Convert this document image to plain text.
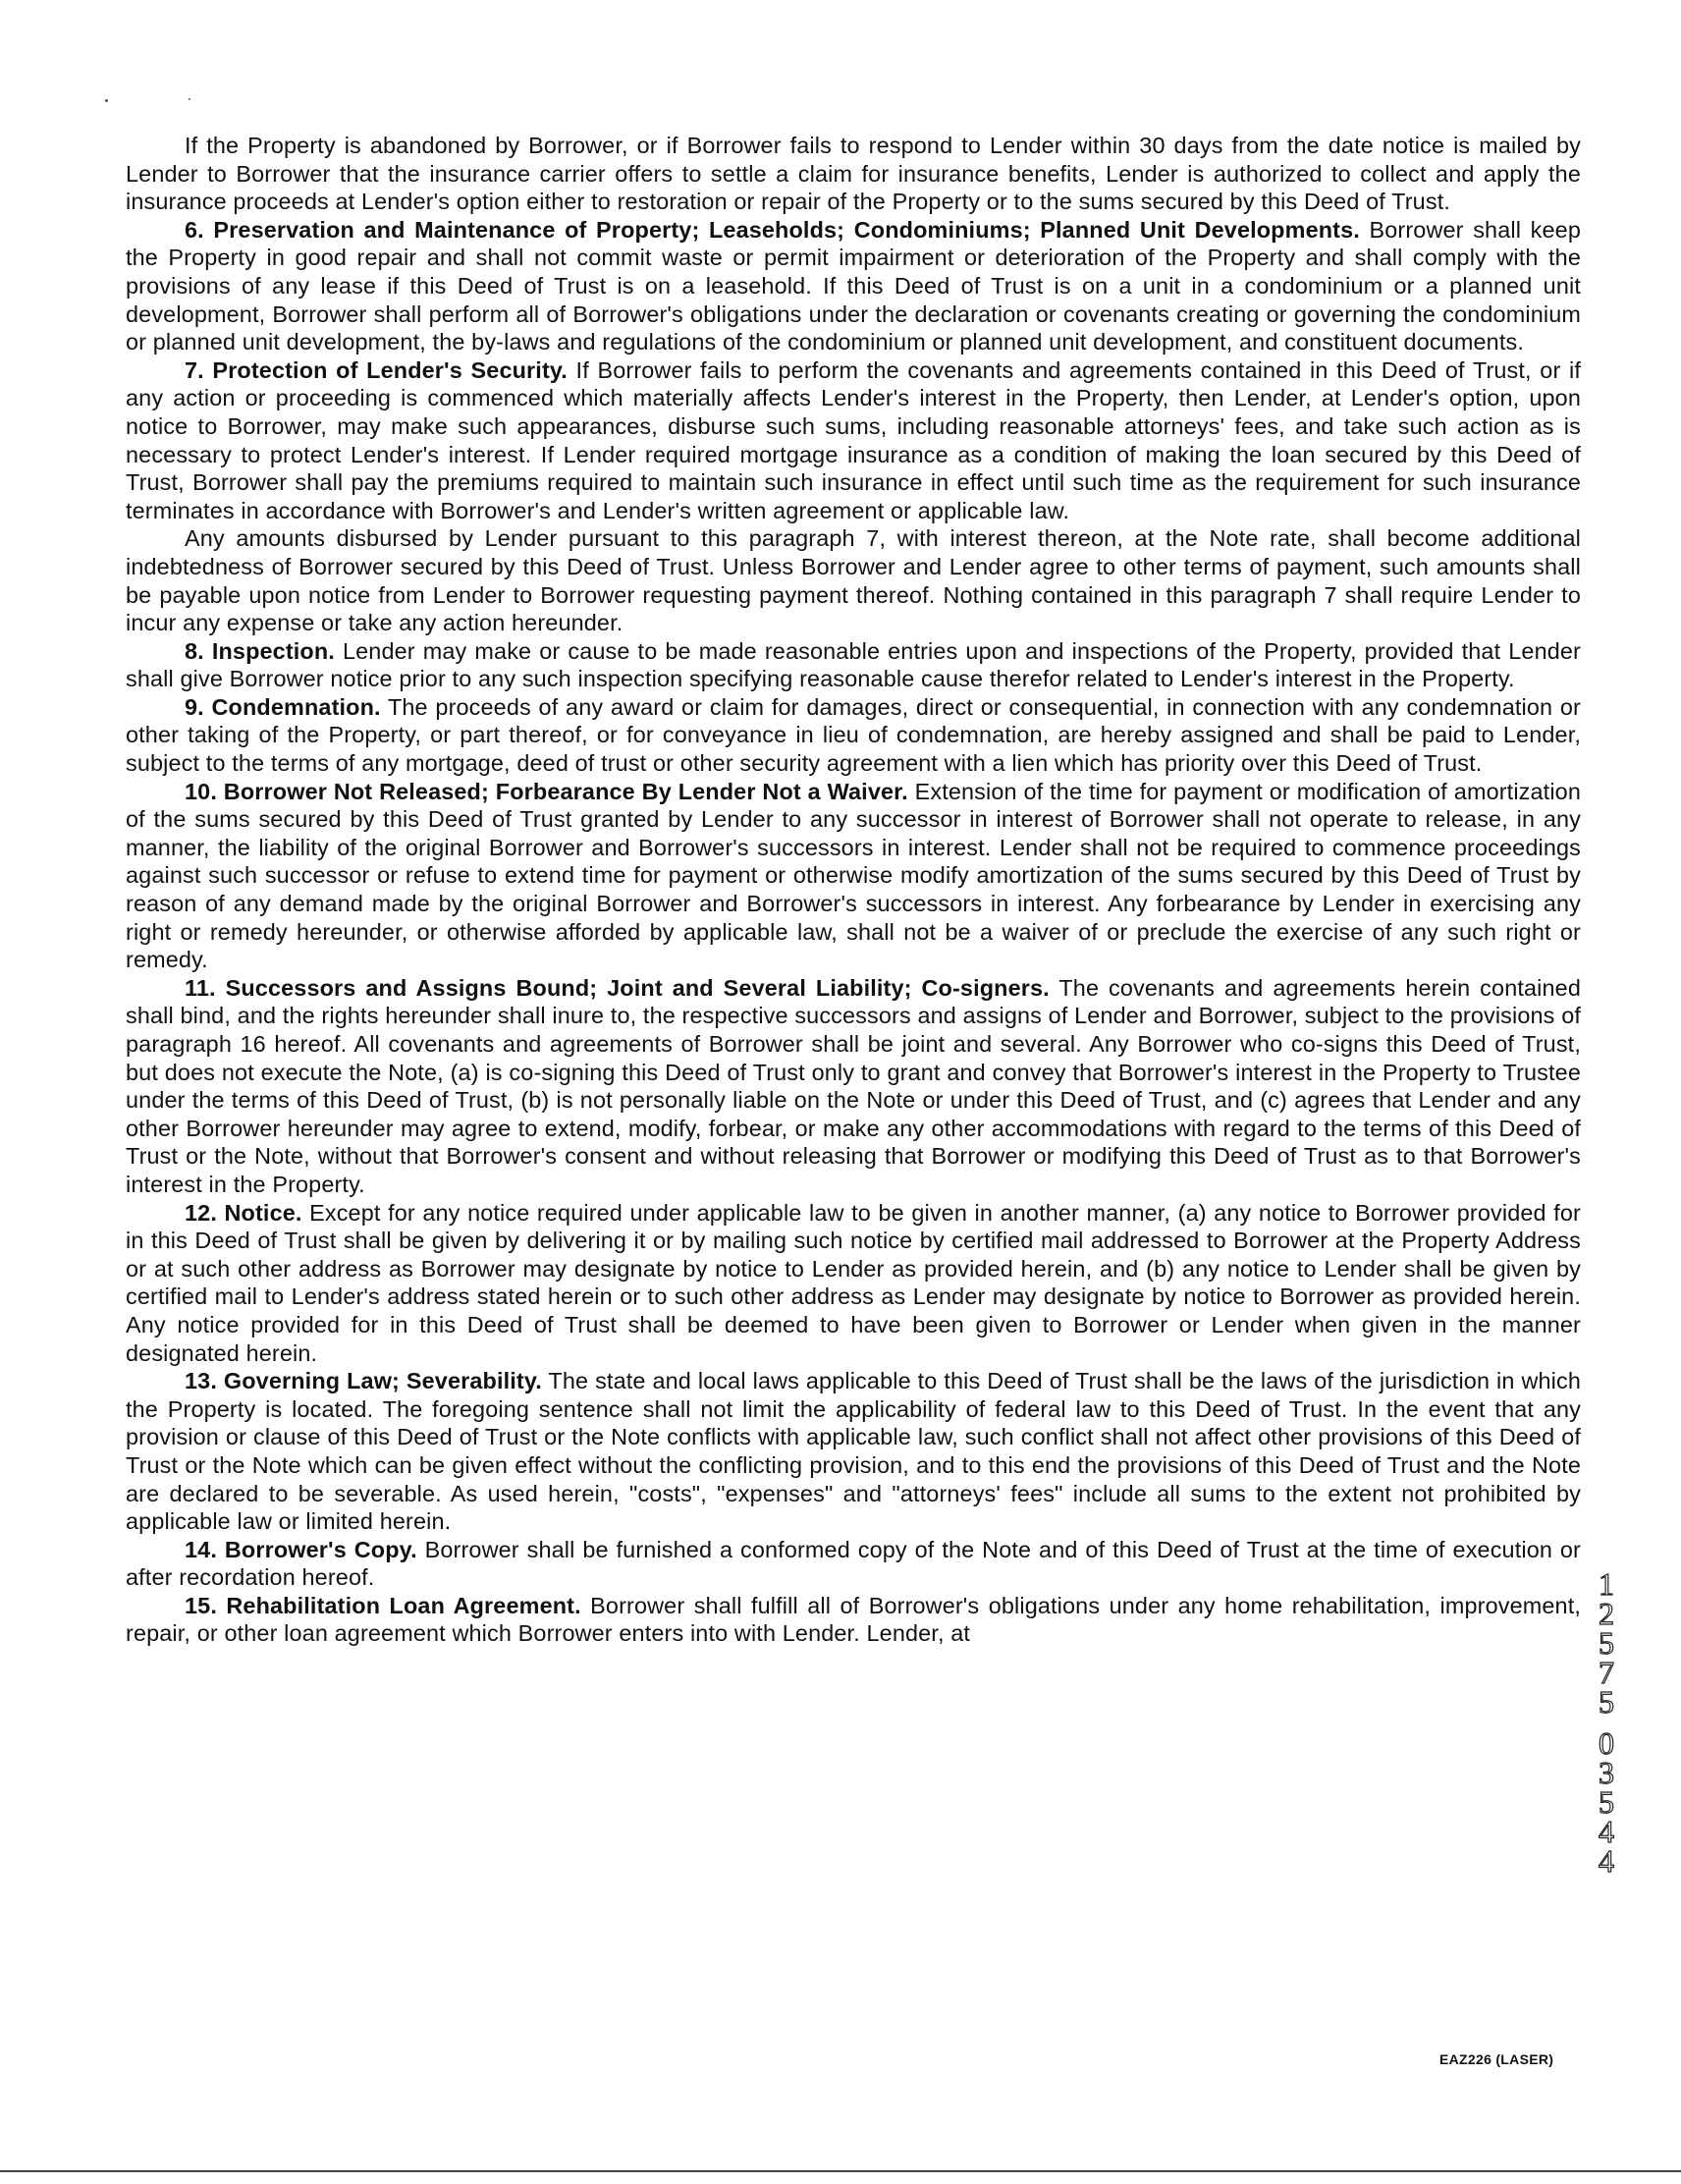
If the Property is abandoned by Borrower, or if Borrower fails to respond to Lender within 30 days from the date notice is mailed by Lender to Borrower that the insurance carrier offers to settle a claim for insurance benefits, Lender is authorized to collect and apply the insurance proceeds at Lender's option either to restoration or repair of the Property or to the sums secured by this Deed of Trust.

6. Preservation and Maintenance of Property; Leaseholds; Condominiums; Planned Unit Developments. Borrower shall keep the Property in good repair and shall not commit waste or permit impairment or deterioration of the Property and shall comply with the provisions of any lease if this Deed of Trust is on a leasehold. If this Deed of Trust is on a unit in a condominium or a planned unit development, Borrower shall perform all of Borrower's obligations under the declaration or covenants creating or governing the condominium or planned unit development, the by-laws and regulations of the condominium or planned unit development, and constituent documents.

7. Protection of Lender's Security. If Borrower fails to perform the covenants and agreements contained in this Deed of Trust, or if any action or proceeding is commenced which materially affects Lender's interest in the Property, then Lender, at Lender's option, upon notice to Borrower, may make such appearances, disburse such sums, including reasonable attorneys' fees, and take such action as is necessary to protect Lender's interest. If Lender required mortgage insurance as a condition of making the loan secured by this Deed of Trust, Borrower shall pay the premiums required to maintain such insurance in effect until such time as the requirement for such insurance terminates in accordance with Borrower's and Lender's written agreement or applicable law.

Any amounts disbursed by Lender pursuant to this paragraph 7, with interest thereon, at the Note rate, shall become additional indebtedness of Borrower secured by this Deed of Trust. Unless Borrower and Lender agree to other terms of payment, such amounts shall be payable upon notice from Lender to Borrower requesting payment thereof. Nothing contained in this paragraph 7 shall require Lender to incur any expense or take any action hereunder.

8. Inspection. Lender may make or cause to be made reasonable entries upon and inspections of the Property, provided that Lender shall give Borrower notice prior to any such inspection specifying reasonable cause therefor related to Lender's interest in the Property.

9. Condemnation. The proceeds of any award or claim for damages, direct or consequential, in connection with any condemnation or other taking of the Property, or part thereof, or for conveyance in lieu of condemnation, are hereby assigned and shall be paid to Lender, subject to the terms of any mortgage, deed of trust or other security agreement with a lien which has priority over this Deed of Trust.

10. Borrower Not Released; Forbearance By Lender Not a Waiver. Extension of the time for payment or modification of amortization of the sums secured by this Deed of Trust granted by Lender to any successor in interest of Borrower shall not operate to release, in any manner, the liability of the original Borrower and Borrower's successors in interest. Lender shall not be required to commence proceedings against such successor or refuse to extend time for payment or otherwise modify amortization of the sums secured by this Deed of Trust by reason of any demand made by the original Borrower and Borrower's successors in interest. Any forbearance by Lender in exercising any right or remedy hereunder, or otherwise afforded by applicable law, shall not be a waiver of or preclude the exercise of any such right or remedy.

11. Successors and Assigns Bound; Joint and Several Liability; Co-signers. The covenants and agreements herein contained shall bind, and the rights hereunder shall inure to, the respective successors and assigns of Lender and Borrower, subject to the provisions of paragraph 16 hereof. All covenants and agreements of Borrower shall be joint and several. Any Borrower who co-signs this Deed of Trust, but does not execute the Note, (a) is co-signing this Deed of Trust only to grant and convey that Borrower's interest in the Property to Trustee under the terms of this Deed of Trust, (b) is not personally liable on the Note or under this Deed of Trust, and (c) agrees that Lender and any other Borrower hereunder may agree to extend, modify, forbear, or make any other accommodations with regard to the terms of this Deed of Trust or the Note, without that Borrower's consent and without releasing that Borrower or modifying this Deed of Trust as to that Borrower's interest in the Property.

12. Notice. Except for any notice required under applicable law to be given in another manner, (a) any notice to Borrower provided for in this Deed of Trust shall be given by delivering it or by mailing such notice by certified mail addressed to Borrower at the Property Address or at such other address as Borrower may designate by notice to Lender as provided herein, and (b) any notice to Lender shall be given by certified mail to Lender's address stated herein or to such other address as Lender may designate by notice to Borrower as provided herein. Any notice provided for in this Deed of Trust shall be deemed to have been given to Borrower or Lender when given in the manner designated herein.

13. Governing Law; Severability. The state and local laws applicable to this Deed of Trust shall be the laws of the jurisdiction in which the Property is located. The foregoing sentence shall not limit the applicability of federal law to this Deed of Trust. In the event that any provision or clause of this Deed of Trust or the Note conflicts with applicable law, such conflict shall not affect other provisions of this Deed of Trust or the Note which can be given effect without the conflicting provision, and to this end the provisions of this Deed of Trust and the Note are declared to be severable. As used herein, "costs", "expenses" and "attorneys' fees" include all sums to the extent not prohibited by applicable law or limited herein.

14. Borrower's Copy. Borrower shall be furnished a conformed copy of the Note and of this Deed of Trust at the time of execution or after recordation hereof.

15. Rehabilitation Loan Agreement. Borrower shall fulfill all of Borrower's obligations under any home rehabilitation, improvement, repair, or other loan agreement which Borrower enters into with Lender. Lender, at

1
2
5
7
5
0
3
5
4
4
EAZ226 (LASER)
